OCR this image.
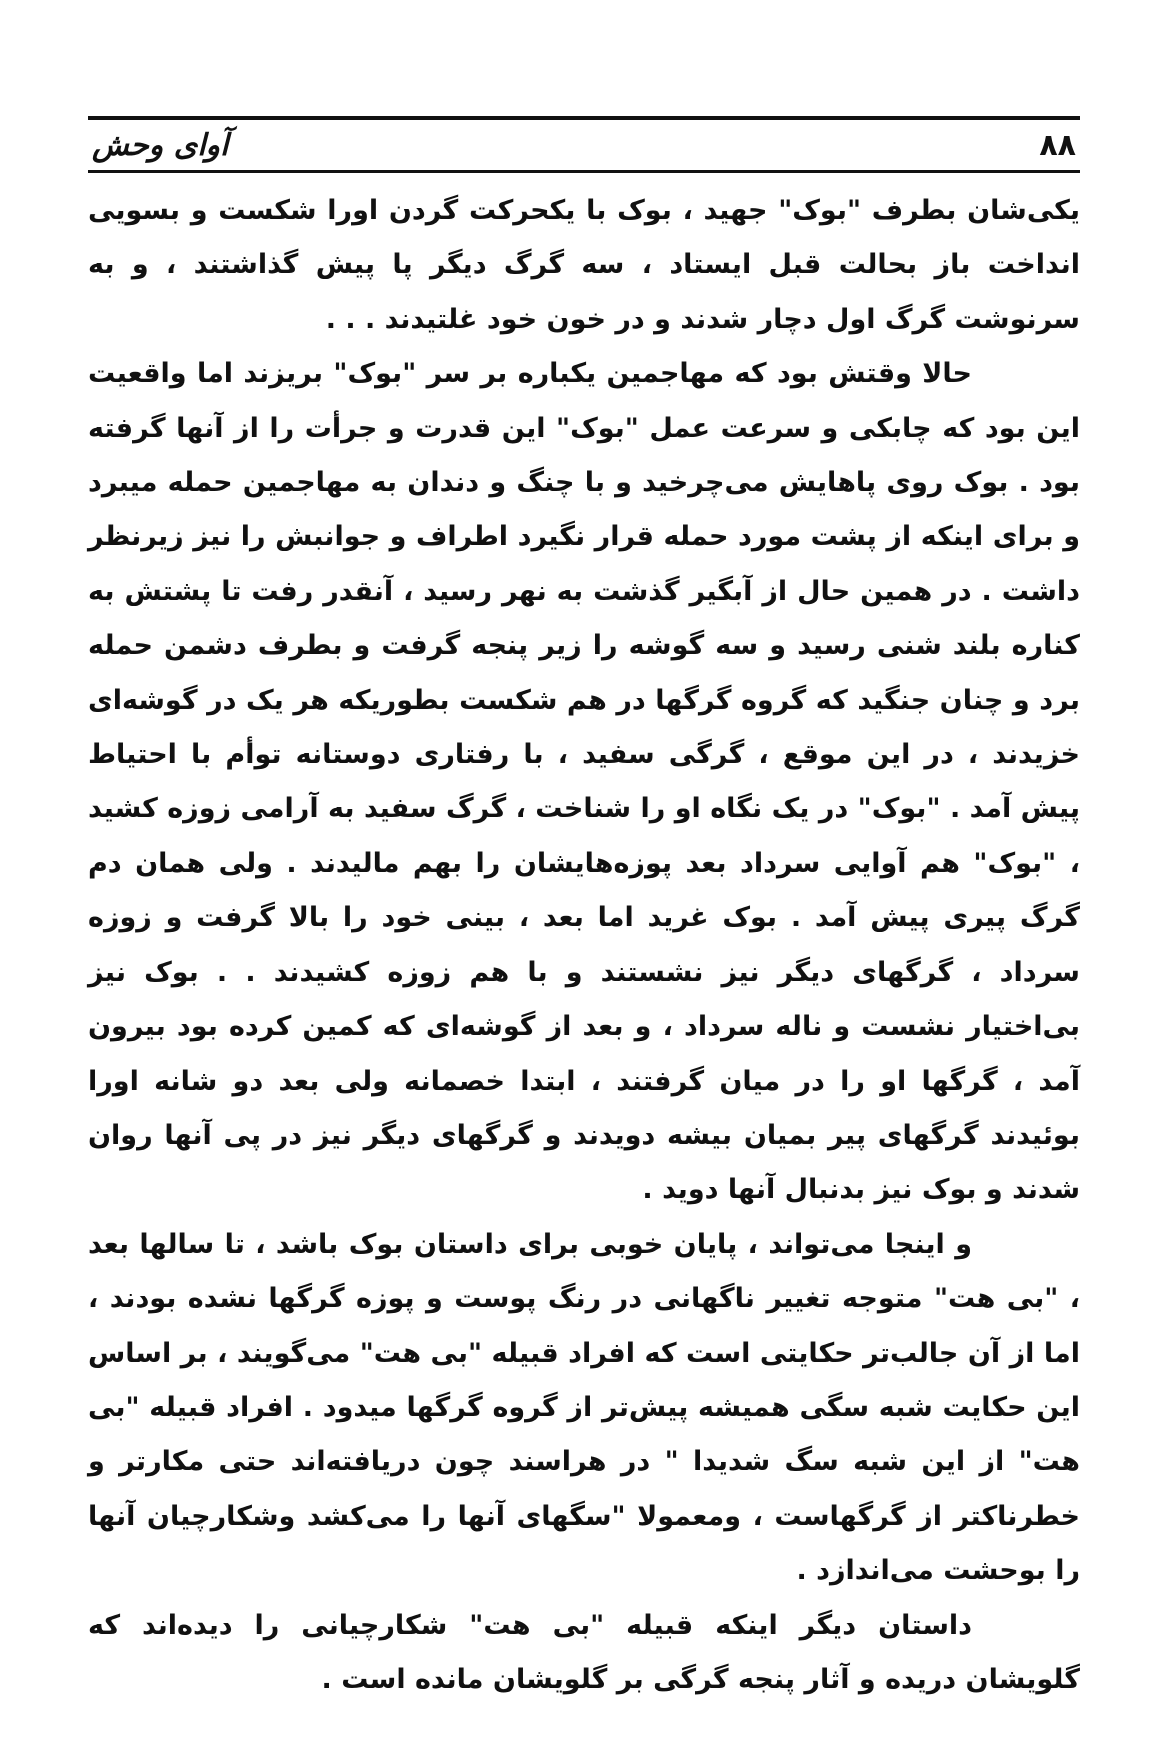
۸۸
آوای وحش

یکی‌شان بطرف "بوک" جهید ، بوک با یکحرکت گردن اورا شکست و بسویی انداخت باز بحالت قبل ایستاد ، سه گرگ دیگر پا پیش گذاشتند ، و به سرنوشت گرگ اول دچار شدند و در خون خود غلتیدند . . .

حالا وقتش بود که مهاجمین یکباره بر سر "بوک" بریزند اما واقعیت این بود که چابکی و سرعت عمل "بوک" این قدرت و جرأت را از آنها گرفته بود . بوک روی پاهایش می‌چرخید و با چنگ و دندان به مهاجمین حمله میبرد و برای اینکه از پشت مورد حمله قرار نگیرد اطراف و جوانبش را نیز زیرنظر داشت . در همین حال از آبگیر گذشت به نهر رسید ، آنقدر رفت تا پشتش به کناره بلند شنی رسید و سه گوشه را زیر پنجه گرفت و بطرف دشمن حمله برد و چنان جنگید که گروه گرگها در هم شکست بطوریکه هر یک در گوشه‌ای خزیدند ، در این موقع ، گرگی سفید ، با رفتاری دوستانه توأم با احتیاط پیش آمد . "بوک" در یک نگاه او را شناخت ، گرگ سفید به آرامی زوزه کشید ، "بوک" هم آوایی سرداد بعد پوزه‌هایشان را بهم مالیدند . ولی همان دم گرگ پیری پیش آمد . بوک غرید اما بعد ، بینی خود را بالا گرفت و زوزه سرداد ، گرگهای دیگر نیز نشستند و با هم زوزه کشیدند . . بوک نیز بی‌اختیار نشست و ناله سرداد ، و بعد از گوشه‌ای که کمین کرده بود بیرون آمد ، گرگها او را در میان گرفتند ، ابتدا خصمانه ولی بعد دو شانه اورا بوئیدند گرگهای پیر بمیان بیشه دویدند و گرگهای دیگر نیز در پی آنها روان شدند و بوک نیز بدنبال آنها دوید .

و اینجا می‌تواند ، پایان خوبی برای داستان بوک باشد ، تا سالها بعد ، "بی هت" متوجه تغییر ناگهانی در رنگ پوست و پوزه گرگها نشده بودند ، اما از آن جالب‌تر حکایتی است که افراد قبیله "بی هت" می‌گویند ، بر اساس این حکایت شبه سگی همیشه پیش‌تر از گروه گرگها میدود . افراد قبیله "بی هت" از این شبه سگ شدیدا " در هراسند چون دریافته‌اند حتی مکارتر و خطرناکتر از گرگهاست ، ومعمولا "سگهای آنها را می‌کشد وشکارچیان آنها را بوحشت می‌اندازد .

داستان دیگر اینکه قبیله "بی هت" شکارچیانی را دیده‌اند که گلویشان دریده و آثار پنجه گرگی بر گلویشان مانده است .
